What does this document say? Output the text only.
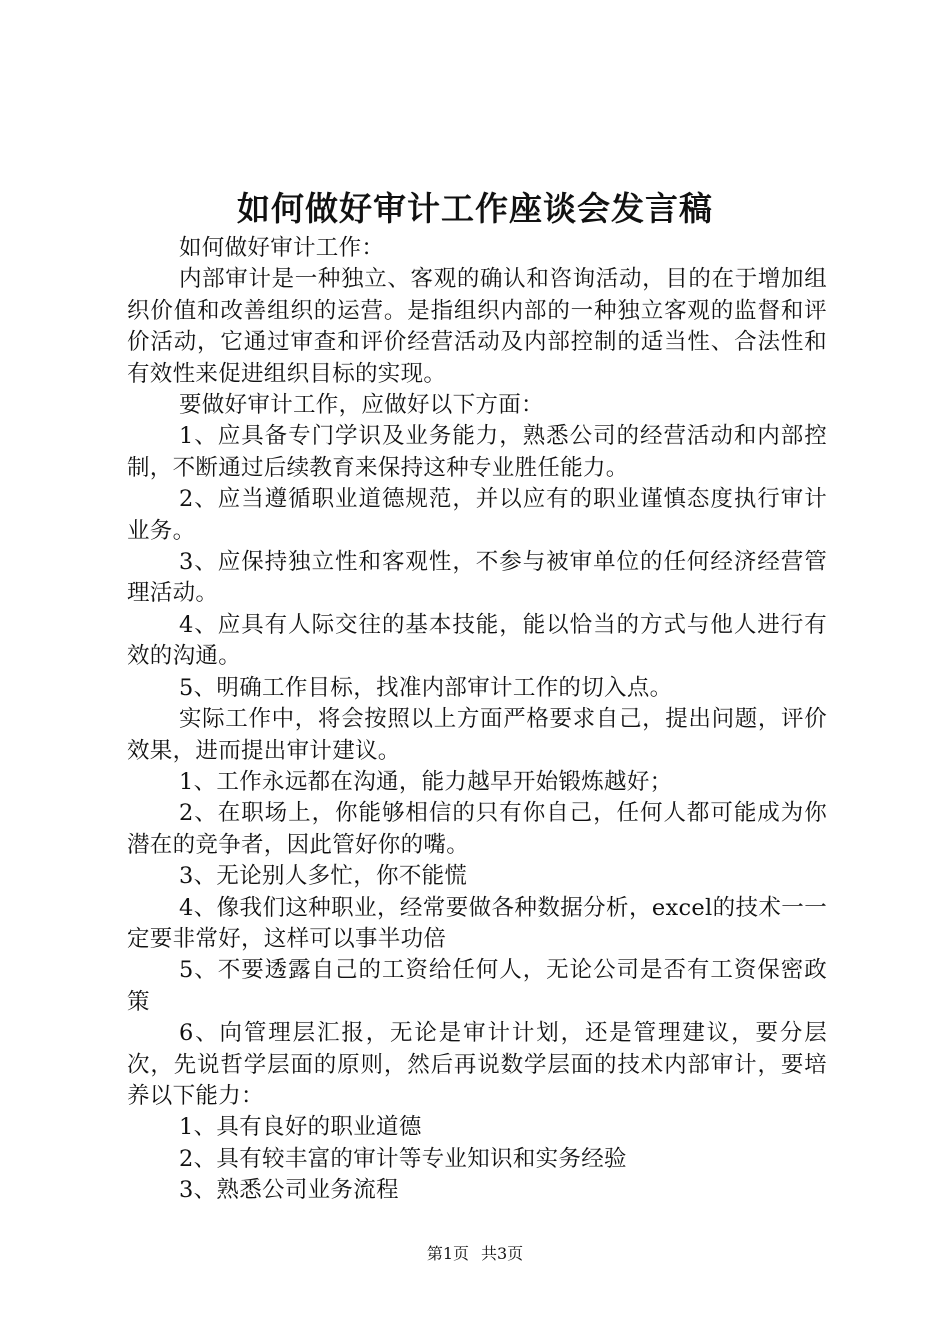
如何做好审计工作座谈会发言稿

如何做好审计工作：

内部审计是一种独立、客观的确认和咨询活动，目的在于增加组织价值和改善组织的运营。是指组织内部的一种独立客观的监督和评价活动，它通过审查和评价经营活动及内部控制的适当性、合法性和有效性来促进组织目标的实现。

要做好审计工作，应做好以下方面：

1、应具备专门学识及业务能力，熟悉公司的经营活动和内部控制，不断通过后续教育来保持这种专业胜任能力。

2、应当遵循职业道德规范，并以应有的职业谨慎态度执行审计业务。

3、应保持独立性和客观性，不参与被审单位的任何经济经营管理活动。

4、应具有人际交往的基本技能，能以恰当的方式与他人进行有效的沟通。

5、明确工作目标，找准内部审计工作的切入点。

实际工作中，将会按照以上方面严格要求自己，提出问题，评价效果，进而提出审计建议。

1、工作永远都在沟通，能力越早开始锻炼越好；

2、在职场上，你能够相信的只有你自己，任何人都可能成为你潜在的竞争者，因此管好你的嘴。

3、无论别人多忙，你不能慌

4、像我们这种职业，经常要做各种数据分析，excel的技术一一定要非常好，这样可以事半功倍

5、不要透露自己的工资给任何人，无论公司是否有工资保密政策

6、向管理层汇报，无论是审计计划，还是管理建议，要分层次，先说哲学层面的原则，然后再说数学层面的技术内部审计，要培养以下能力：

1、具有良好的职业道德

2、具有较丰富的审计等专业知识和实务经验

3、熟悉公司业务流程

第1页 共3页
